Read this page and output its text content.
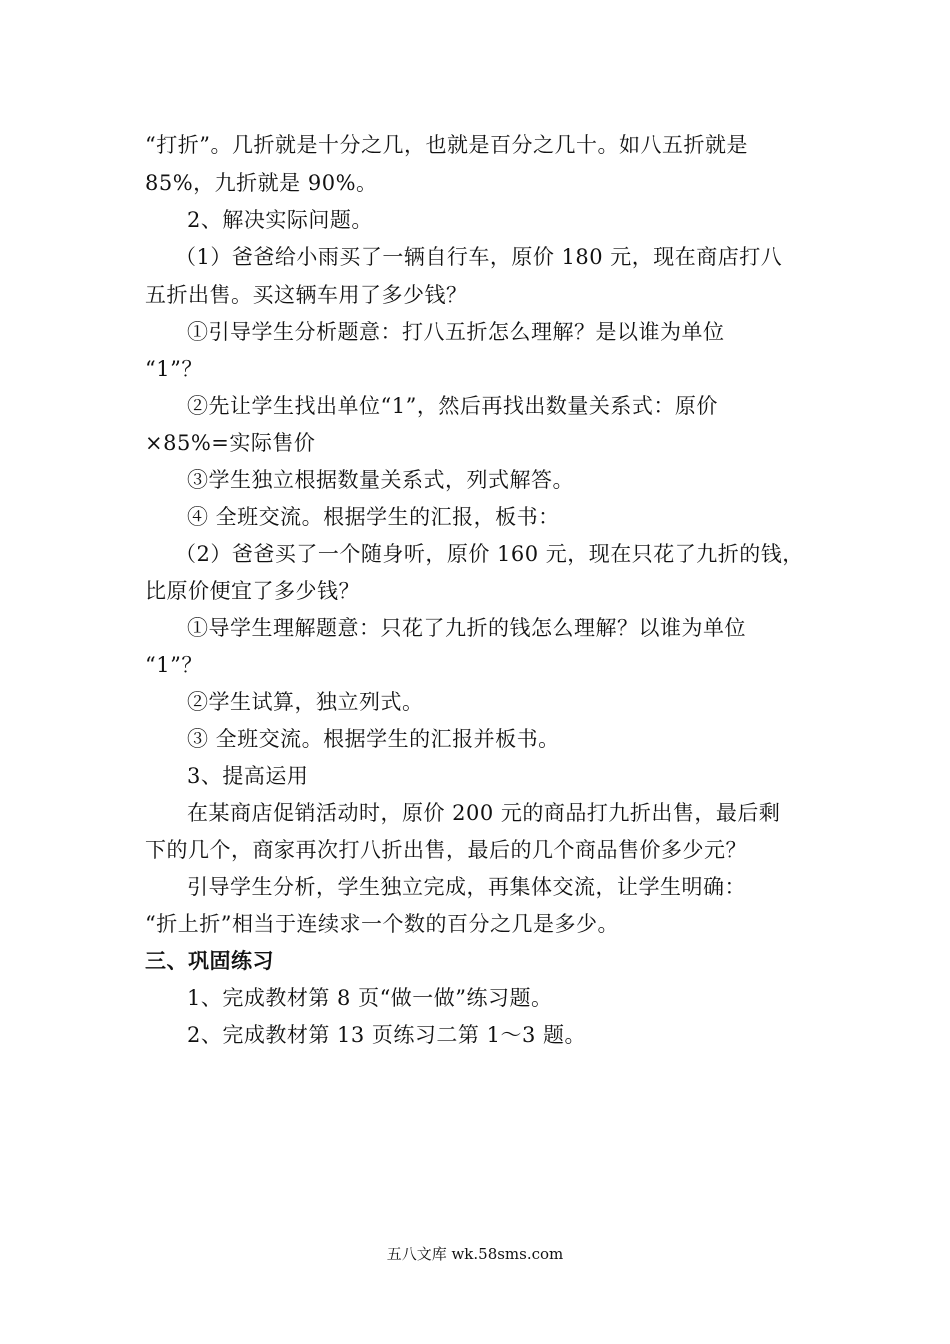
“打折”。几折就是十分之几，也就是百分之几十。如八五折就是
85%，九折就是 90%。
2、解决实际问题。
（1）爸爸给小雨买了一辆自行车，原价 180 元，现在商店打八
五折出售。买这辆车用了多少钱？
①引导学生分析题意：打八五折怎么理解？是以谁为单位
“1”？
②先让学生找出单位“1”，然后再找出数量关系式：原价
×85%=实际售价
③学生独立根据数量关系式，列式解答。
④ 全班交流。根据学生的汇报，板书：
（2）爸爸买了一个随身听，原价 160 元，现在只花了九折的钱，
比原价便宜了多少钱？
①导学生理解题意：只花了九折的钱怎么理解？以谁为单位
“1”？
②学生试算，独立列式。
③ 全班交流。根据学生的汇报并板书。
3、提高运用
在某商店促销活动时，原价 200 元的商品打九折出售，最后剩
下的几个，商家再次打八折出售，最后的几个商品售价多少元？
引导学生分析，学生独立完成，再集体交流，让学生明确：
“折上折”相当于连续求一个数的百分之几是多少。
三、巩固练习
1、完成教材第 8 页“做一做”练习题。
2、完成教材第 13 页练习二第 1～3 题。
五八文库 wk.58sms.com
